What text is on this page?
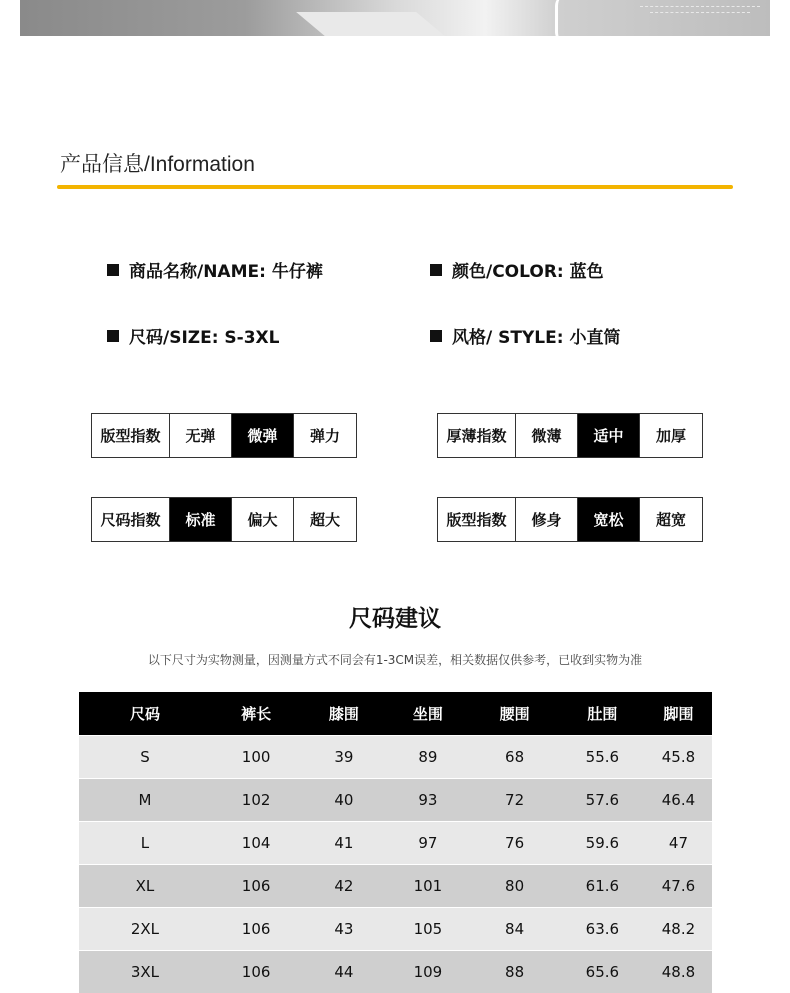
产品信息/Information
商品名称/NAME: 牛仔裤	颜色/COLOR: 蓝色
尺码/SIZE: S-3XL	风格/ STYLE: 小直筒
版型指数	无弹	微弹	弹力	厚薄指数	微薄	适中	加厚
尺码指数	标准	偏大	超大	版型指数	修身	宽松	超宽
尺码建议
以下尺寸为实物测量，因测量方式不同会有1-3CM误差，相关数据仅供参考，已收到实物为准
尺码	裤长	膝围	坐围	腰围	肚围	脚围
S	100	39	89	68	55.6	45.8
M	102	40	93	72	57.6	46.4
L	104	41	97	76	59.6	47
XL	106	42	101	80	61.6	47.6
2XL	106	43	105	84	63.6	48.2
3XL	106	44	109	88	65.6	48.8
